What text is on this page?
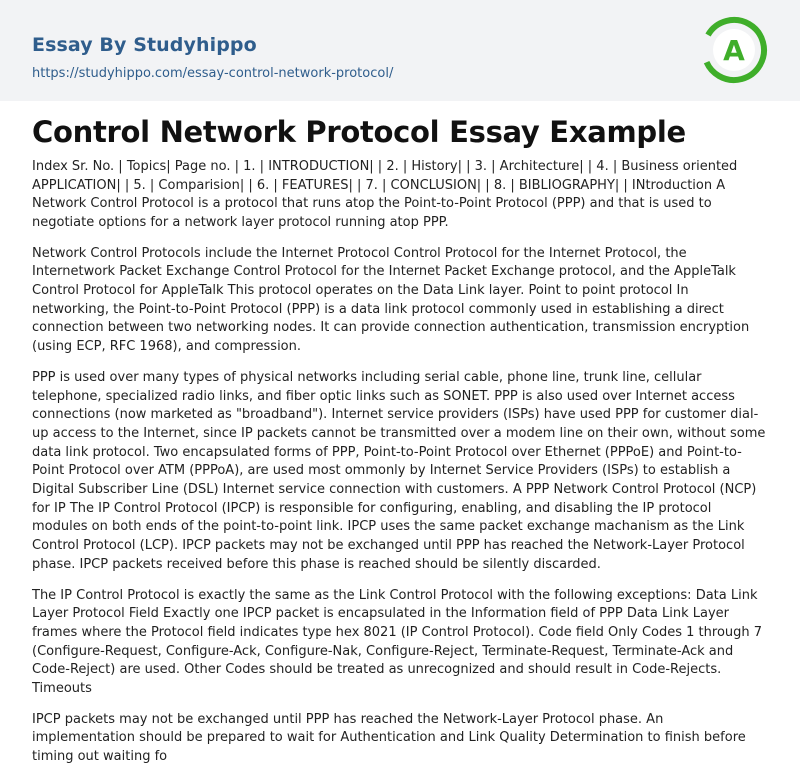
Essay By Studyhippo
https://studyhippo.com/essay-control-network-protocol/
A
Control Network Protocol Essay Example

Index Sr. No. | Topics| Page no. | 1. | INTRODUCTION| | 2. | History| | 3. | Architecture| | 4. | Business oriented APPLICATION| | 5. | Comparision| | 6. | FEATURES| | 7. | CONCLUSION| | 8. | BIBLIOGRAPHY| | INtroduction A Network Control Protocol is a protocol that runs atop the Point-to-Point Protocol (PPP) and that is used to negotiate options for a network layer protocol running atop PPP.

Network Control Protocols include the Internet Protocol Control Protocol for the Internet Protocol, the Internetwork Packet Exchange Control Protocol for the Internet Packet Exchange protocol, and the AppleTalk Control Protocol for AppleTalk This protocol operates on the Data Link layer. Point to point protocol In networking, the Point-to-Point Protocol (PPP) is a data link protocol commonly used in establishing a direct connection between two networking nodes. It can provide connection authentication, transmission encryption (using ECP, RFC 1968), and compression.

PPP is used over many types of physical networks including serial cable, phone line, trunk line, cellular telephone, specialized radio links, and fiber optic links such as SONET. PPP is also used over Internet access connections (now marketed as "broadband"). Internet service providers (ISPs) have used PPP for customer dial-up access to the Internet, since IP packets cannot be transmitted over a modem line on their own, without some data link protocol. Two encapsulated forms of PPP, Point-to-Point Protocol over Ethernet (PPPoE) and Point-to-Point Protocol over ATM (PPPoA), are used most ommonly by Internet Service Providers (ISPs) to establish a Digital Subscriber Line (DSL) Internet service connection with customers. A PPP Network Control Protocol (NCP) for IP The IP Control Protocol (IPCP) is responsible for configuring, enabling, and disabling the IP protocol modules on both ends of the point-to-point link. IPCP uses the same packet exchange machanism as the Link Control Protocol (LCP). IPCP packets may not be exchanged until PPP has reached the Network-Layer Protocol phase. IPCP packets received before this phase is reached should be silently discarded.

The IP Control Protocol is exactly the same as the Link Control Protocol with the following exceptions: Data Link Layer Protocol Field Exactly one IPCP packet is encapsulated in the Information field of PPP Data Link Layer frames where the Protocol field indicates type hex 8021 (IP Control Protocol). Code field Only Codes 1 through 7 (Configure-Request, Configure-Ack, Configure-Nak, Configure-Reject, Terminate-Request, Terminate-Ack and Code-Reject) are used. Other Codes should be treated as unrecognized and should result in Code-Rejects. Timeouts

IPCP packets may not be exchanged until PPP has reached the Network-Layer Protocol phase. An implementation should be prepared to wait for Authentication and Link Quality Determination to finish before timing out waiting fo
